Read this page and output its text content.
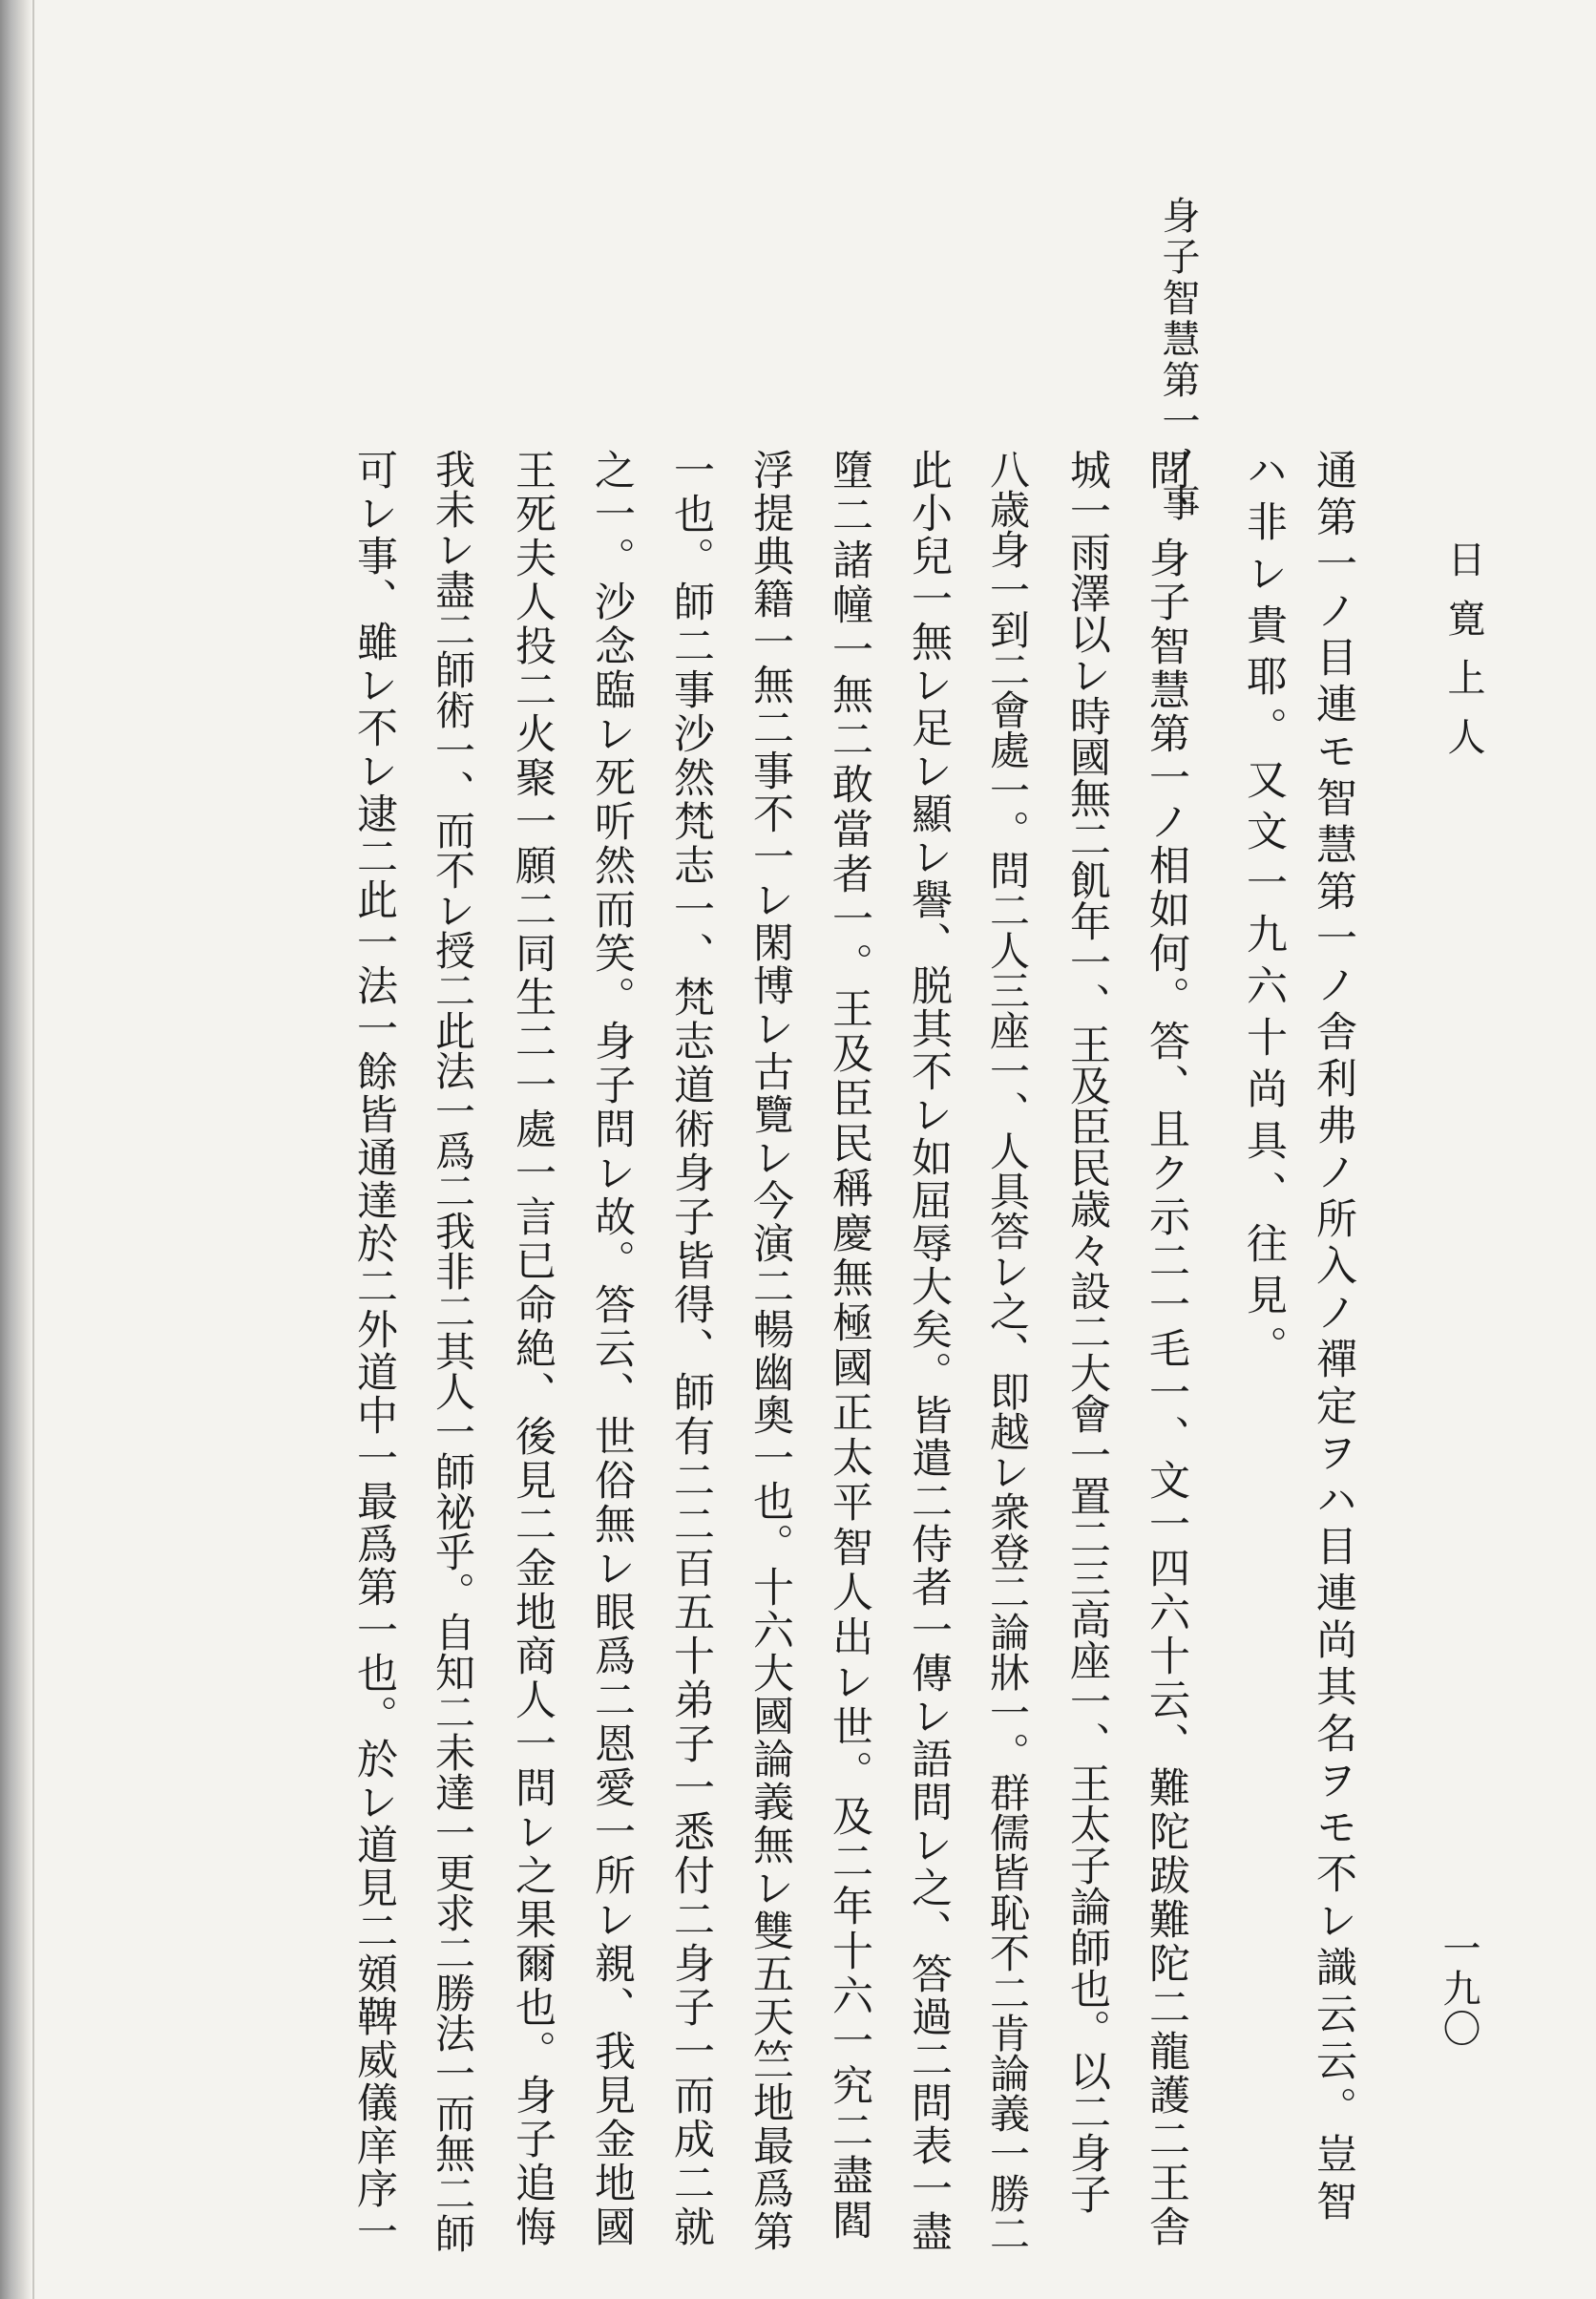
日寛上人

一九〇

身子智慧第一ノ事

通第一ノ目連モ智慧第一ノ舎利弗ノ所入ノ禪定ヲハ目連尚其名ヲモ不レ識云云。豈智

ハ非レ貴耶。又文一九六十尚具、往見。

問、身子智慧第一ノ相如何。答、且ク示二一毛一、文一四六十云、難陀跋難陀二龍護二王舎

城一雨澤以レ時國無二飢年一、王及臣民歳々設二大會一置二三高座一、王太子論師也。以二身子

八歳身一到二會處一。問二人三座一、人具答レ之、即越レ衆登二論牀一。群儒皆恥不二肯論義一勝二

此小兒一無レ足レ顯レ譽、脱其不レ如屈辱大矣。皆遣二侍者一傳レ語問レ之、答過二問表一盡

墮二諸幢一無二敢當者一。王及臣民稱慶無極國正太平智人出レ世。及二年十六一究二盡閻

浮提典籍一無二事不一レ閑博レ古覽レ今演二暢幽奧一也。十六大國論義無レ雙五天竺地最爲第

一也。師二事沙然梵志一、梵志道術身子皆得、師有二二百五十弟子一悉付二身子一而成二就

之一。沙念臨レ死听然而笑。身子問レ故。答云、世俗無レ眼爲二恩愛一所レ親、我見金地國

王死夫人投二火聚一願二同生二一處一言已命絶、後見二金地商人一問レ之果爾也。身子追悔

我未レ盡二師術一、而不レ授二此法一爲二我非二其人一師祕乎。自知二未達一更求二勝法一而無二師

可レ事、雖レ不レ逮二此一法一餘皆通達於二外道中一最爲第一也。於レ道見二頞鞞威儀庠序一
